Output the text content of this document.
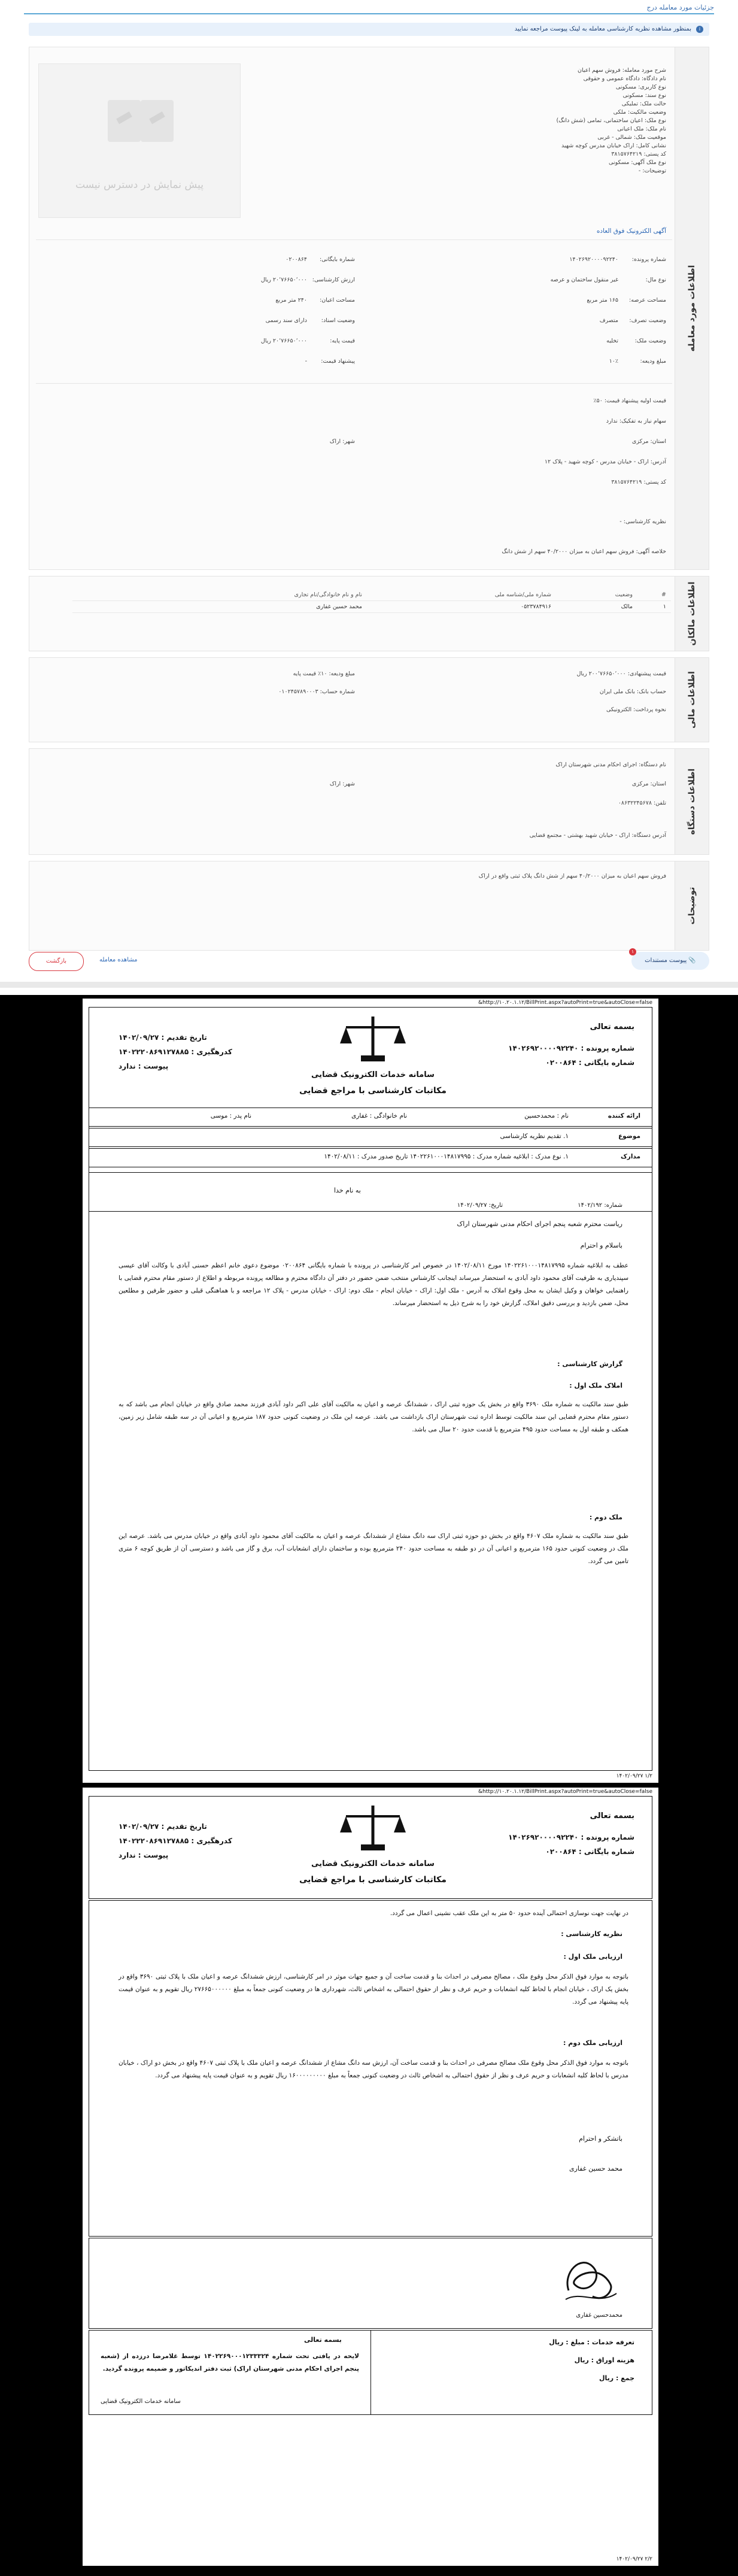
جزئیات مورد معامله درج
i
بمنظور مشاهده نظریه کارشناسی معامله به لینک پیوست مراجعه نمایید
اطلاعات مورد معامله
پیش نمایش در دسترس نیست
شرح مورد معامله: فروش سهم اعیان
نام دادگاه: دادگاه عمومی و حقوقی
نوع کاربری: مسکونی
نوع سند: مسکونی
حالت ملک: تملیکی
وضعیت مالکیت: ملکی
نوع ملک: اعیان ساختمانی، تمامی (شش دانگ)
نام ملک: ملک اعیانی
موقعیت ملک: شمالی - غربی
نشانی کامل: اراک خیابان مدرس کوچه شهید
کد پستی: ۳۸۱۵۷۶۴۲۱۹
نوع ملک آگهی: مسکونی
توضیحات: -
آگهی الکترونیک فوق العاده
شماره پرونده:
۱۴۰۲۶۹۲۰۰۰۰۹۲۲۴۰
شماره بایگانی:
۰۲۰۰۸۶۴
نوع مال:
غیر منقول ساختمان و عرصه
ارزش کارشناسی:
۲۰٬۷۶۶۵۰٬۰۰۰ ریال
مساحت عرصه:
۱۶۵ متر مربع
مساحت اعیان:
۲۴۰ متر مربع
وضعیت تصرف:
متصرف
وضعیت اسناد:
دارای سند رسمی
وضعیت ملک:
تخلیه
قیمت پایه:
۲۰٬۷۶۶۵۰٬۰۰۰ ریال
مبلغ ودیعه:
۱۰٪
پیشنهاد قیمت:
-
قیمت اولیه پیشنهاد قیمت: ۵۰٪
سهام نیاز به تفکیک: ندارد
استان: مرکزی
شهر: اراک
آدرس: اراک - خیابان مدرس - کوچه شهید - پلاک ۱۲
کد پستی: ۳۸۱۵۷۶۴۲۱۹
نظریه کارشناسی: -
خلاصه آگهی: فروش سهم اعیان به میزان ۴۰/۲۰۰۰ سهم از شش دانگ
اطلاعات مالکان
#	وضعیت	شماره ملی/شناسه ملی	نام و نام خانوادگی/نام تجاری
۱	مالک	۰۵۲۳۷۸۴۹۱۶	محمد حسین غفاری
اطلاعات مالی
قیمت پیشنهادی: ۲۰۰٬۷۶۶۵۰٬۰۰۰ ریال
مبلغ ودیعه: ۱۰٪ قیمت پایه
حساب بانک: بانک ملی ایران
شماره حساب: ۰۱۰۲۴۵۷۸۹۰۰۰۳
نحوه پرداخت: الکترونیکی
اطلاعات دستگاه
نام دستگاه: اجرای احکام مدنی شهرستان اراک
استان: مرکزی
شهر: اراک
تلفن: ۰۸۶۳۲۲۴۵۶۷۸
آدرس دستگاه: اراک - خیابان شهید بهشتی - مجتمع قضایی
توضیحات
فروش سهم اعیان به میزان ۴۰/۲۰۰۰ سهم از شش دانگ پلاک ثبتی واقع در اراک
پیوست مستندات 📎
۱
مشاهده معامله
بازگشت
http://۱۰.۲۰.۱.۱۲/BillPrint.aspx?autoPrint=true&autoClose=false&
بسمه تعالی
شماره پرونده : ۱۴۰۲۶۹۲۰۰۰۰۹۲۲۴۰
شماره بایگانی : ۰۲۰۰۸۶۴
سامانه خدمات الکترونیک قضایی
مکاتبات کارشناسی با مراجع قضایی
تاریخ تقدیم : ۱۴۰۲/۰۹/۲۷
کدرهگیری : ۱۴۰۲۲۲۰۸۶۹۱۲۷۸۸۵
پیوست : ندارد
ارائه کننده
نام : محمدحسین
نام خانوادگی : غفاری
نام پدر : موسی
موضوع
۱. تقدیم نظریه کارشناسی
مدارک
۱. نوع مدرک : ابلاغیه شماره مدرک : ۱۴۰۲۲۶۱۰۰۰۱۴۸۱۷۹۹۵ تاریخ صدور مدرک : ۱۴۰۲/۰۸/۱۱
به نام خدا
شماره: ۱۴۰۲/۱۹۲
تاریخ: ۱۴۰۲/۰۹/۲۷
ریاست محترم شعبه پنجم اجرای احکام مدنی شهرستان اراک
باسلام و احترام
عطف به ابلاغیه شماره ۱۴۰۲۲۶۱۰۰۰۱۴۸۱۷۹۹۵ مورخ ۱۴۰۲/۰۸/۱۱ در خصوص امر کارشناسی در پرونده با شماره بایگانی ۰۲۰۰۸۶۴ موضوع دعوی خانم اعظم حسنی آبادی با وکالت آقای عیسی سپندیاری به طرفیت آقای محمود داود آبادی به استحضار میرساند اینجانب کارشناس منتخب ضمن حضور در دفتر آن دادگاه محترم و مطالعه پرونده مربوطه و اطلاع از دستور مقام محترم قضایی با راهنمایی خواهان و وکیل ایشان به محل وقوع املاک به آدرس - ملک اول: اراک - خیابان انجام - ملک دوم: اراک - خیابان مدرس - پلاک ۱۲ مراجعه و با هماهنگی قبلی و حضور طرفین و مطلعین محل، ضمن بازدید و بررسی دقیق املاک، گزارش خود را به شرح ذیل به استحضار میرساند.
گزارش کارشناسی :
املاک ملک اول :
طبق سند مالکیت به شماره ملک ۳۶۹۰ واقع در بخش یک حوزه ثبتی اراک ، ششدانگ عرصه و اعیان به مالکیت آقای علی اکبر داود آبادی فرزند محمد صادق واقع در خیابان انجام می باشد که به دستور مقام محترم قضایی این سند مالکیت توسط اداره ثبت شهرستان اراک بازداشت می باشد. عرصه این ملک در وضعیت کنونی حدود ۱۸۷ مترمربع و اعیانی آن در سه طبقه شامل زیر زمین، همکف و طبقه اول به مساحت حدود ۴۹۵ مترمربع با قدمت حدود ۲۰ سال می باشد.
ملک دوم :
طبق سند مالکیت به شماره ملک ۴۶۰۷ واقع در بخش دو حوزه ثبتی اراک سه دانگ مشاع از ششدانگ عرصه و اعیان به مالکیت آقای محمود داود آبادی واقع در خیابان مدرس می باشد. عرصه این ملک در وضعیت کنونی حدود ۱۶۵ مترمربع و اعیانی آن در دو طبقه به مساحت حدود ۲۴۰ مترمربع بوده و ساختمان دارای انشعابات آب، برق و گاز می باشد و دسترسی آن از طریق کوچه ۶ متری تامین می گردد.
۱/۲ ۱۴۰۲/۰۹/۲۷
http://۱۰.۲۰.۱.۱۲/BillPrint.aspx?autoPrint=true&autoClose=false&
بسمه تعالی
شماره پرونده : ۱۴۰۲۶۹۲۰۰۰۰۹۲۲۴۰
شماره بایگانی : ۰۲۰۰۸۶۴
سامانه خدمات الکترونیک قضایی
مکاتبات کارشناسی با مراجع قضایی
تاریخ تقدیم : ۱۴۰۲/۰۹/۲۷
کدرهگیری : ۱۴۰۲۲۲۰۸۶۹۱۲۷۸۸۵
پیوست : ندارد
در نهایت جهت نوسازی احتمالی آینده حدود ۵۰ متر به این ملک عقب نشینی اعمال می گردد.
نظریه کارشناسی :
ارزیابی ملک اول :
باتوجه به موارد فوق الذکر محل وقوع ملک ، مصالح مصرفی در احداث بنا و قدمت ساخت آن و جمیع جهات موثر در امر کارشناسی، ارزش ششدانگ عرصه و اعیان ملک با پلاک ثبتی ۳۶۹۰ واقع در بخش یک اراک ، خیابان انجام با لحاظ کلیه انشعابات و حریم عرف و نظر از حقوق احتمالی به اشخاص ثالث، شهرداری ها در وضعیت کنونی جمعاً به مبلغ ۲۷۶۶۵۰۰۰۰۰۰ ریال تقویم و به عنوان قیمت پایه پیشنهاد می گردد.
ارزیابی ملک دوم :
باتوجه به موارد فوق الذکر محل وقوع ملک مصالح مصرفی در احداث بنا و قدمت ساخت آن، ارزش سه دانگ مشاع از ششدانگ عرصه و اعیان ملک با پلاک ثبتی ۴۶۰۷ واقع در بخش دو اراک ، خیابان مدرس با لحاظ کلیه انشعابات و حریم عرف و نظر از حقوق احتمالی به اشخاص ثالث در وضعیت کنونی جمعاً به مبلغ ۱۶۰۰۰۰۰۰۰۰۰ ریال تقویم و به عنوان قیمت پایه پیشنهاد می گردد.
باتشکر و احترام
محمد حسین غفاری
محمدحسین غفاری
بسمه تعالی
لایحه در یافتی تحت شماره ۱۴۰۲۲۶۹۰۰۰۱۲۳۳۳۲۴ توسط غلامرضا درزده از (شعبه پنجم اجرای احکام مدنی شهرستان اراک) ثبت دفتر اندیکاتور و ضمیمه پرونده گردید.
سامانه خدمات الکترونیک قضایی
تعرفه خدمات : مبلغ : ریال
هزینه اوراق : ریال
جمع : ریال
۲/۲ ۱۴۰۲/۰۹/۲۷
